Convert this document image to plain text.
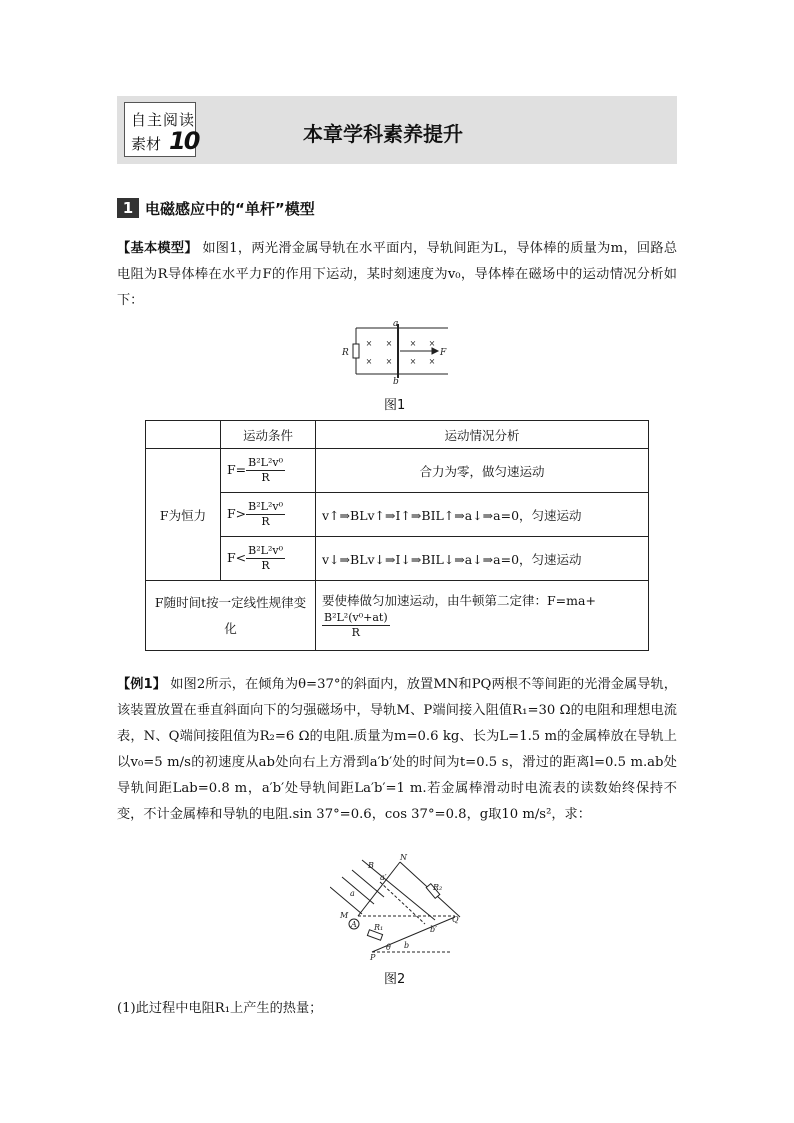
自主阅读
素材 10	本章学科素养提升
1 电磁感应中的“单杆”模型
【基本模型】 如图1，两光滑金属导轨在水平面内，导轨间距为L，导体棒的质量为m，回路总电阻为R导体棒在水平力F的作用下运动，某时刻速度为v₀，导体棒在磁场中的运动情况分析如下：
× × × ×
× × × ×
a
b
R	F
图1
	运动条件	运动情况分析
F为恒力	$F= \frac{\text{B²L²v⁰}}{R}$	合力为零，做匀速运动
	$F> \frac{\text{B²L²v⁰}}{R}$	v↑⇒BLv↑⇒I↑⇒BIL↑⇒a↓⇒a=0，匀速运动
	$F< \frac{\text{B²L²v⁰}}{R}$	v↓⇒BLv↓⇒I↓⇒BIL↓⇒a↓⇒a=0，匀速运动
F随时间t按一定线性规律变化		要使棒做匀加速运动，由牛顿第二定律：F=ma+

$\frac{\text{B²L²(v⁰+at)}}{R}$
【例1】 如图2所示，在倾角为θ=37°的斜面内，放置MN和PQ两根不等间距的光滑金属导轨，该装置放置在垂直斜面向下的匀强磁场中，导轨M、P端间接入阻值R₁=30 Ω的电阻和理想电流表，N、Q端间接阻值为R₂=6 Ω的电阻.质量为m=0.6 kg、长为L=1.5 m的金属棒放在导轨上以v₀=5 m/s的初速度从ab处向右上方滑到a′b′处的时间为t=0.5 s，滑过的距离l=0.5 m.ab处导轨间距Lab=0.8 m，a′b′处导轨间距La′b′=1 m.若金属棒滑动时电流表的读数始终保持不变，不计金属棒和导轨的电阻.sin 37°=0.6，cos 37°=0.8，g取10 m/s²，求：
B
N
a′
R₂
a
M	Q
b′
A R₁
θ b
P
图2
(1)此过程中电阻R₁上产生的热量；
